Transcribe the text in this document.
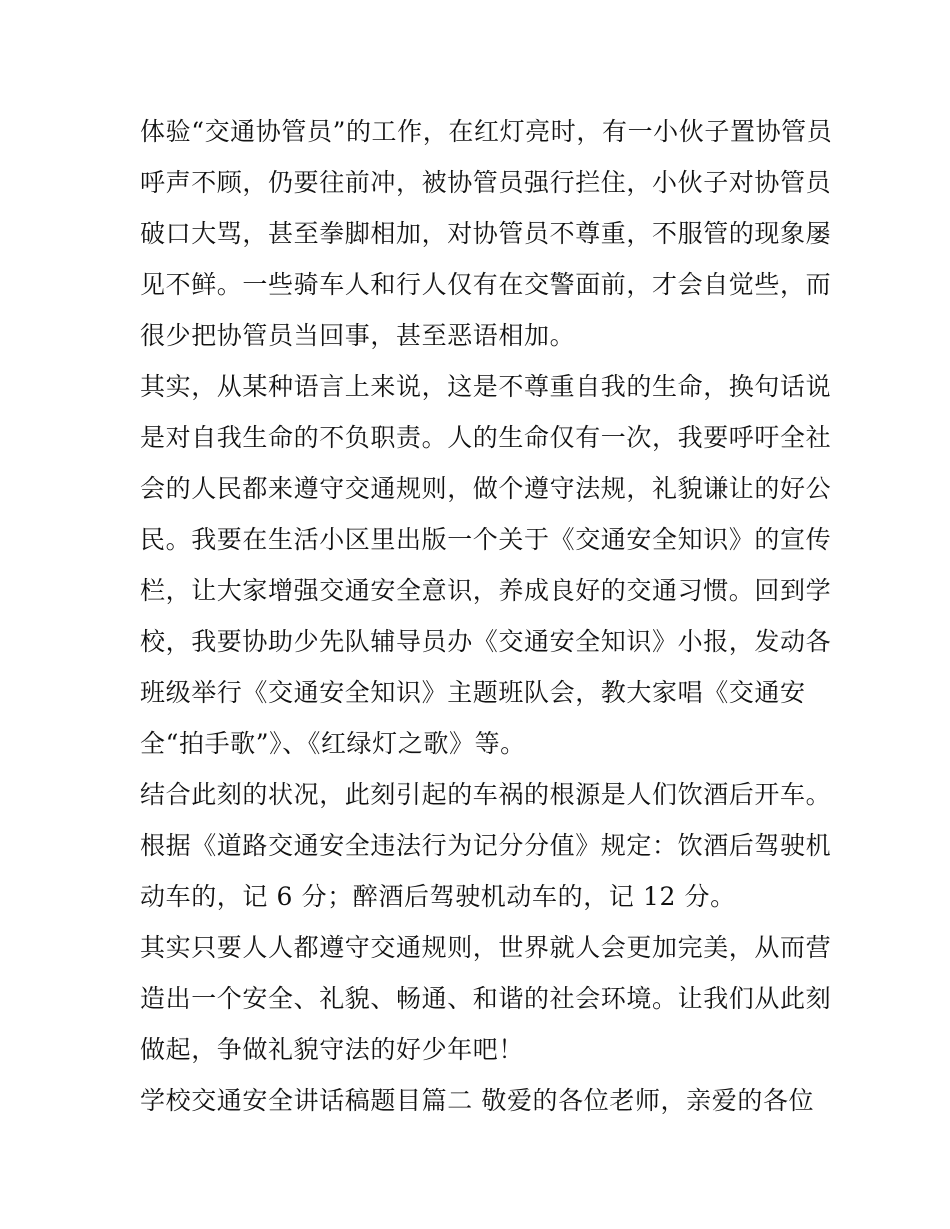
体验“交通协管员”的工作，在红灯亮时，有一小伙子置协管员
呼声不顾，仍要往前冲，被协管员强行拦住，小伙子对协管员
破口大骂，甚至拳脚相加，对协管员不尊重，不服管的现象屡
见不鲜。一些骑车人和行人仅有在交警面前，才会自觉些，而
很少把协管员当回事，甚至恶语相加。
其实，从某种语言上来说，这是不尊重自我的生命，换句话说
是对自我生命的不负职责。人的生命仅有一次，我要呼吁全社
会的人民都来遵守交通规则，做个遵守法规，礼貌谦让的好公
民。我要在生活小区里出版一个关于《交通安全知识》的宣传
栏，让大家增强交通安全意识，养成良好的交通习惯。回到学
校，我要协助少先队辅导员办《交通安全知识》小报，发动各
班级举行《交通安全知识》主题班队会，教大家唱《交通安
全“拍手歌”》、《红绿灯之歌》等。
结合此刻的状况，此刻引起的车祸的根源是人们饮酒后开车。
根据《道路交通安全违法行为记分分值》规定：饮酒后驾驶机
动车的，记 6 分；醉酒后驾驶机动车的，记 12 分。
其实只要人人都遵守交通规则，世界就人会更加完美，从而营
造出一个安全、礼貌、畅通、和谐的社会环境。让我们从此刻
做起，争做礼貌守法的好少年吧！
学校交通安全讲话稿题目篇二 敬爱的各位老师，亲爱的各位
